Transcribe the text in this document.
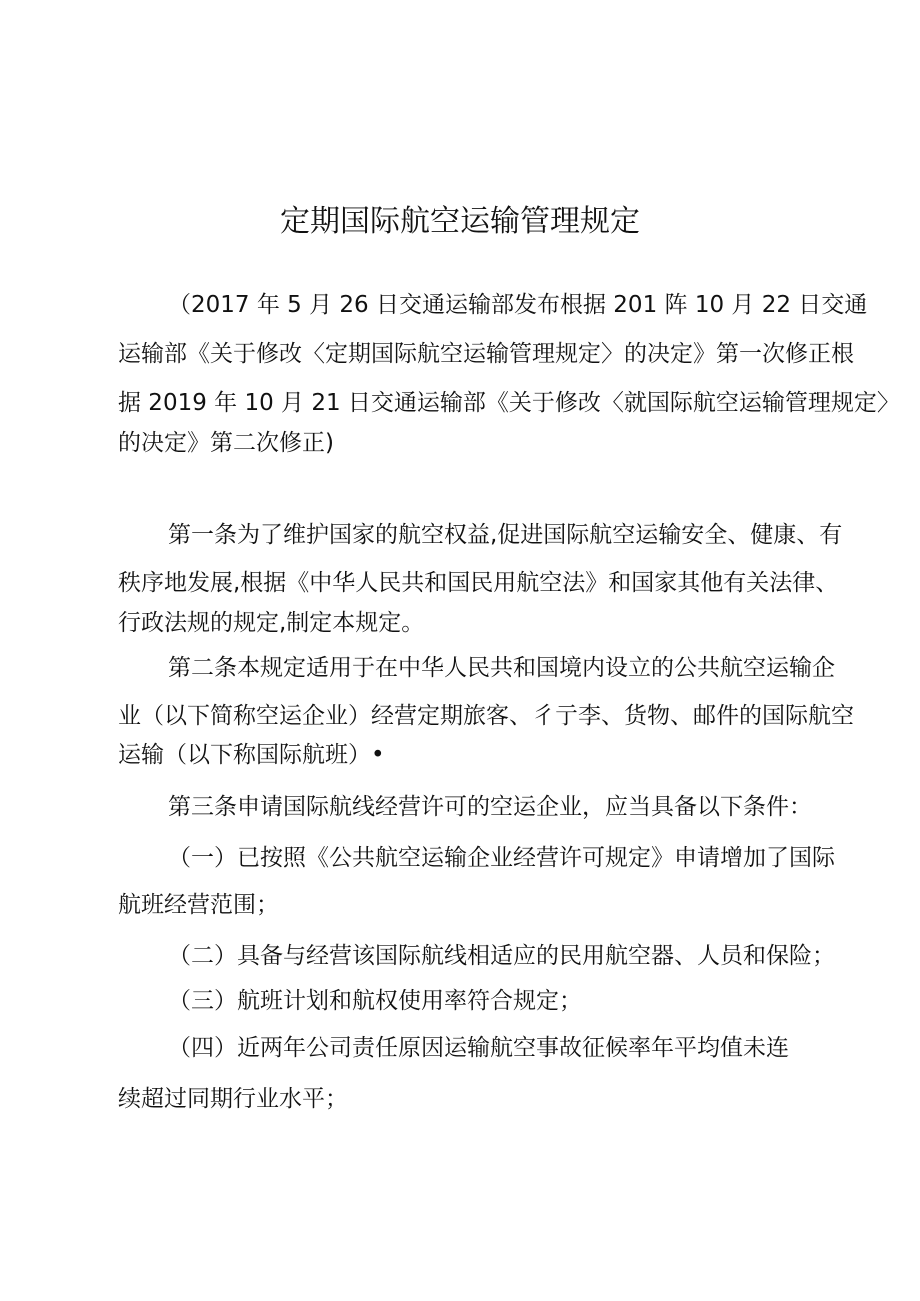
定期国际航空运输管理规定
（2017 年 5 月 26 日交通运输部发布根据 201 阵 10 月 22 日交通
运输部《关于修改〈定期国际航空运输管理规定〉的决定》第一次修正根
据 2019 年 10 月 21 日交通运输部《关于修改〈就国际航空运输管理规定〉
的决定》第二次修正)
第一条为了维护国家的航空权益,促进国际航空运输安全、健康、有
秩序地发展,根据《中华人民共和国民用航空法》和国家其他有关法律、
行政法规的规定,制定本规定。
第二条本规定适用于在中华人民共和国境内设立的公共航空运输企
业（以下简称空运企业）经营定期旅客、彳亍李、货物、邮件的国际航空
运输（以下称国际航班）•
第三条申请国际航线经营许可的空运企业，应当具备以下条件：
（一）已按照《公共航空运输企业经营许可规定》申请增加了国际
航班经营范围；
（二）具备与经营该国际航线相适应的民用航空器、人员和保险；
（三）航班计划和航权使用率符合规定；
（四）近两年公司责任原因运输航空事故征候率年平均值未连
续超过同期行业水平；
